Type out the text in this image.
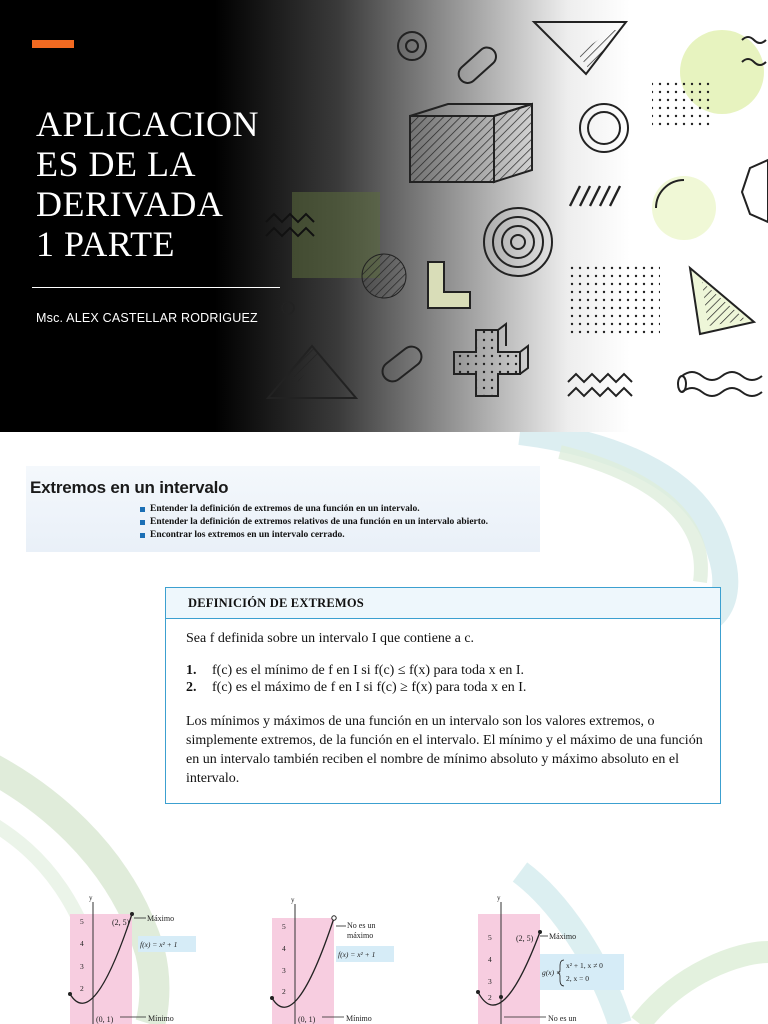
APLICACION
ES DE LA
DERIVADA
1 PARTE
Msc. ALEX CASTELLAR RODRIGUEZ
Extremos en un intervalo
Entender la definición de extremos de una función en un intervalo.
Entender la definición de extremos relativos de una función en un intervalo abierto.
Encontrar los extremos en un intervalo cerrado.
DEFINICIÓN DE EXTREMOS
Sea f definida sobre un intervalo I que contiene a c.
1. f(c) es el mínimo de f en I si f(c) ≤ f(x) para toda x en I.
2. f(c) es el máximo de f en I si f(c) ≥ f(x) para toda x en I.
Los mínimos y máximos de una función en un intervalo son los valores extremos, o simplemente extremos, de la función en el intervalo. El mínimo y el máximo de una función en un intervalo también reciben el nombre de mínimo absoluto y máximo absoluto en el intervalo.
y
5
4
3
2
(2, 5) Máximo
f(x) = x² + 1
(0, 1)	Mínimo
y
5
4
3
2
No es un
máximo
f(x) = x² + 1
(0, 1)	Mínimo
y
5
4
3
2
(2, 5) Máximo
g(x) =
x² + 1, x ≠ 0
2, x = 0
No es un
